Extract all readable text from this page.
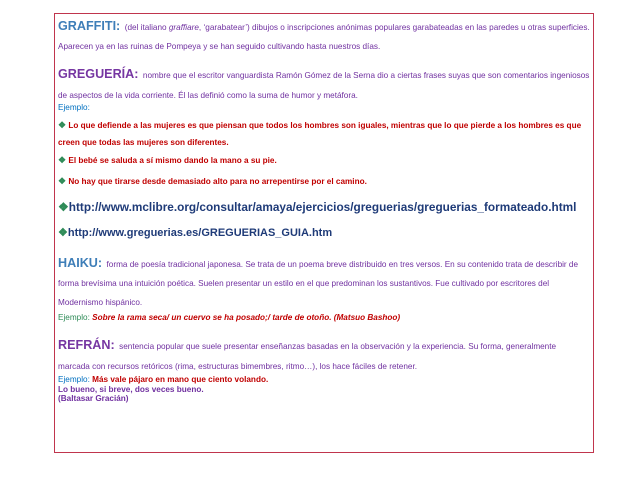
GRAFFITI: (del italiano graffiare, ‘garabatear’) dibujos o inscripciones anónimas populares garabateadas en las paredes u otras superficies. Aparecen ya en las ruinas de Pompeya y se han seguido cultivando hasta nuestros días.

GREGUERÍA: nombre que el escritor vanguardista Ramón Gómez de la Serna dio a ciertas frases suyas que son comentarios ingeniosos de aspectos de la vida corriente. Él las definió como la suma de humor y metáfora.

Ejemplo:

❖ Lo que defiende a las mujeres es que piensan que todos los hombres son iguales, mientras que lo que pierde a los hombres es que creen que todas las mujeres son diferentes.

❖ El bebé se saluda a sí mismo dando la mano a su pie.

❖ No hay que tirarse desde demasiado alto para no arrepentirse por el camino.

❖http://www.mclibre.org/consultar/amaya/ejercicios/greguerias/greguerias_formateado.html

❖http://www.greguerias.es/GREGUERIAS_GUIA.htm

HAIKU: forma de poesía tradicional japonesa. Se trata de un poema breve distribuido en tres versos. En su contenido trata de describir de forma brevísima una intuición poética. Suelen presentar un estilo en el que predominan los sustantivos. Fue cultivado por escritores del Modernismo hispánico.

Ejemplo: Sobre la rama seca/ un cuervo se ha posado;/ tarde de otoño. (Matsuo Bashoo)

REFRÁN: sentencia popular que suele presentar enseñanzas basadas en la observación y la experiencia. Su forma, generalmente marcada con recursos retóricos (rima, estructuras bimembres, ritmo…), los hace fáciles de retener.

Ejemplo: Más vale pájaro en mano que ciento volando.

Lo bueno, si breve, dos veces bueno.

(Baltasar Gracián)
